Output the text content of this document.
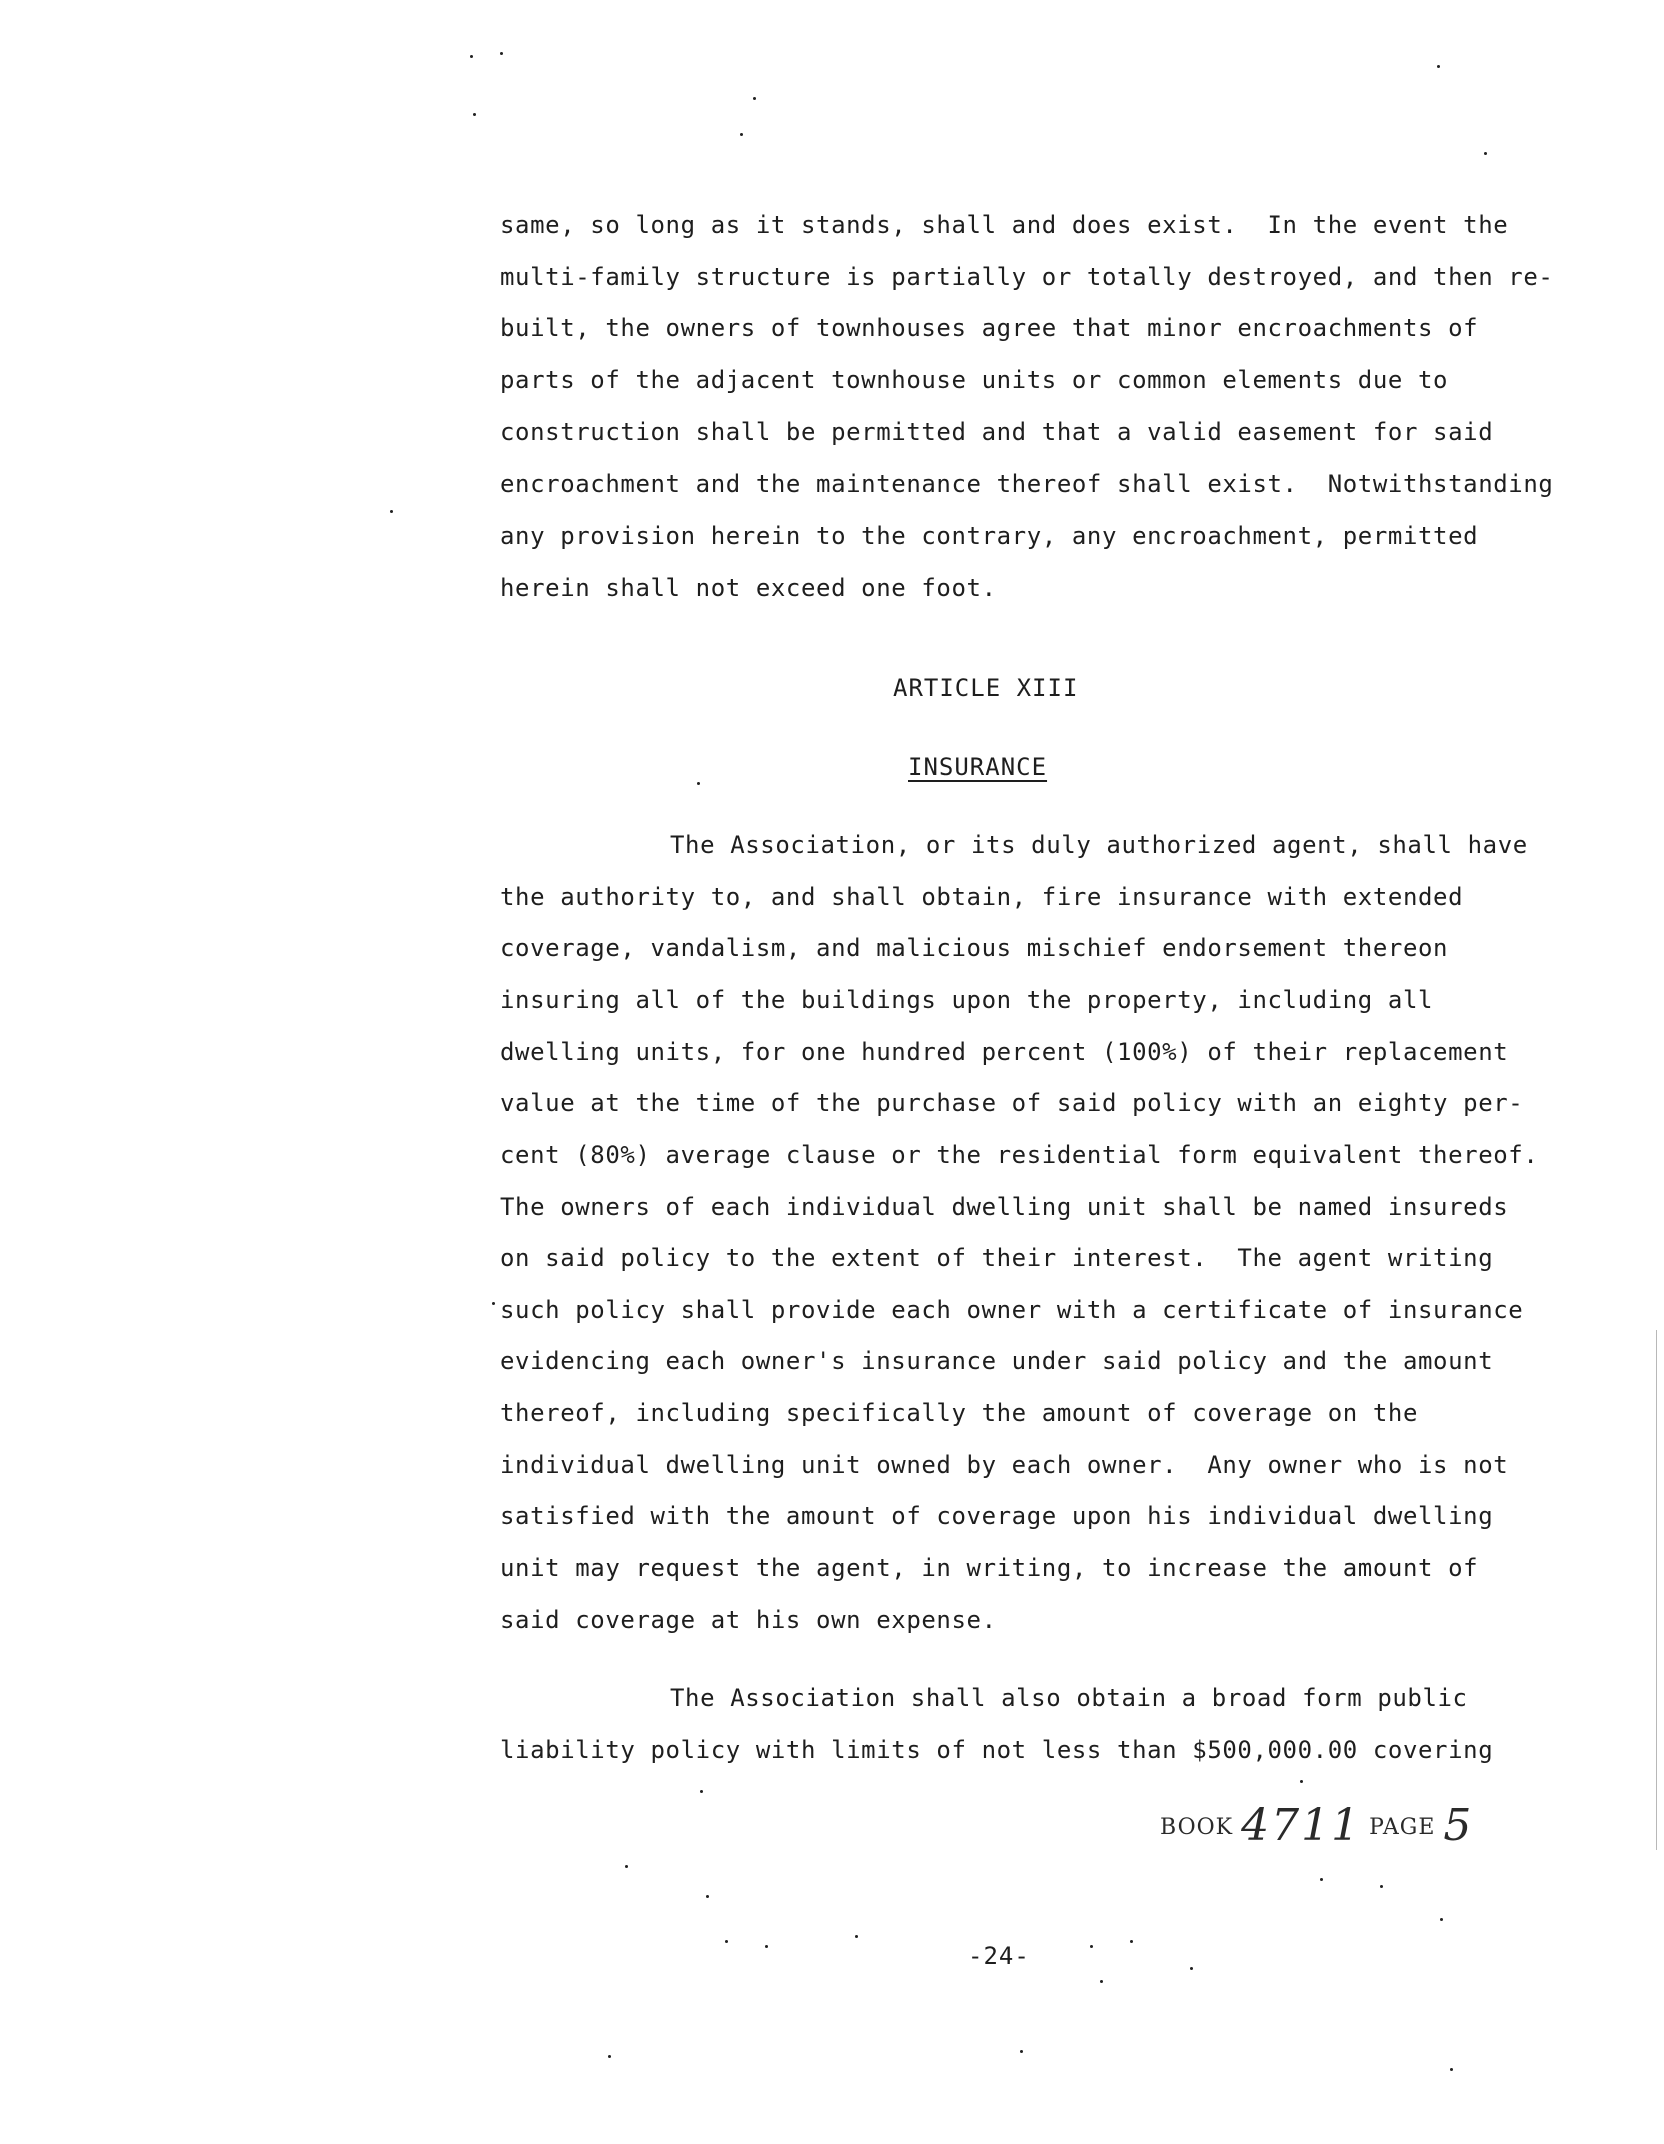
same, so long as it stands, shall and does exist.  In the event the
multi-family structure is partially or totally destroyed, and then re-
built, the owners of townhouses agree that minor encroachments of
parts of the adjacent townhouse units or common elements due to
construction shall be permitted and that a valid easement for said
encroachment and the maintenance thereof shall exist.  Notwithstanding
any provision herein to the contrary, any encroachment, permitted
herein shall not exceed one foot.
ARTICLE XIII
INSURANCE
The Association, or its duly authorized agent, shall have
the authority to, and shall obtain, fire insurance with extended
coverage, vandalism, and malicious mischief endorsement thereon
insuring all of the buildings upon the property, including all
dwelling units, for one hundred percent (100%) of their replacement
value at the time of the purchase of said policy with an eighty per-
cent (80%) average clause or the residential form equivalent thereof.
The owners of each individual dwelling unit shall be named insureds
on said policy to the extent of their interest.  The agent writing
such policy shall provide each owner with a certificate of insurance
evidencing each owner's insurance under said policy and the amount
thereof, including specifically the amount of coverage on the
individual dwelling unit owned by each owner.  Any owner who is not
satisfied with the amount of coverage upon his individual dwelling
unit may request the agent, in writing, to increase the amount of
said coverage at his own expense.
The Association shall also obtain a broad form public
liability policy with limits of not less than $500,000.00 covering
BOOK 4711 PAGE 5
-24-
